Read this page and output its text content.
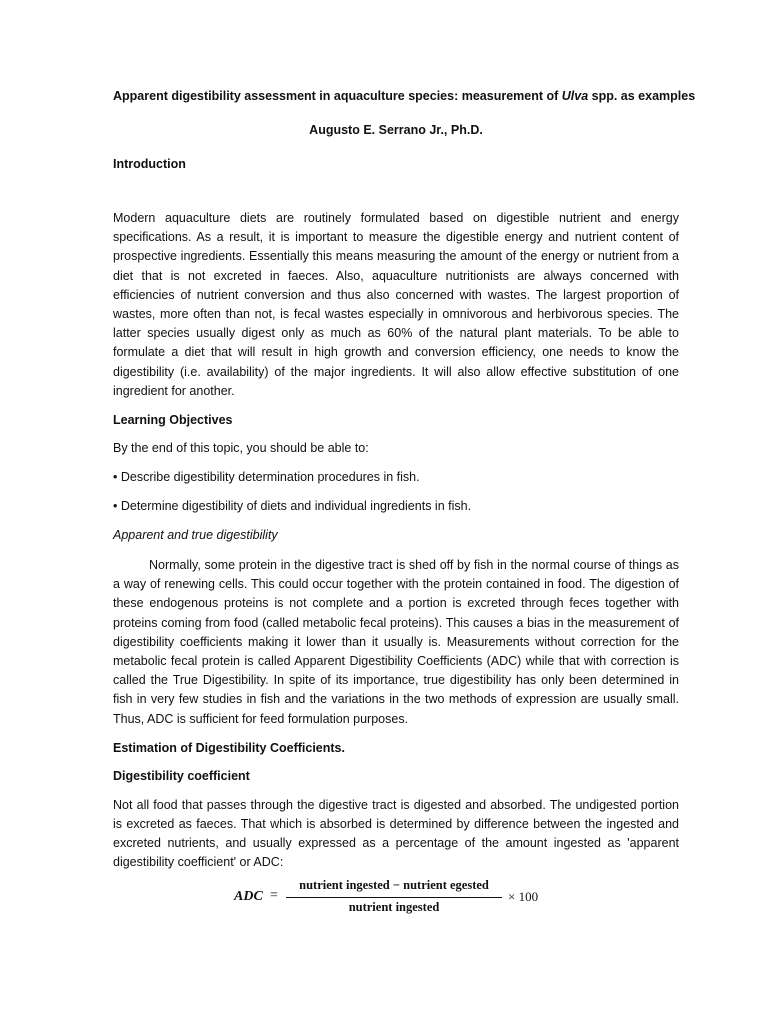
Apparent digestibility assessment in aquaculture species: measurement of Ulva spp. as examples
Augusto E. Serrano Jr., Ph.D.
Introduction

Modern aquaculture diets are routinely formulated based on digestible nutrient and energy specifications. As a result, it is important to measure the digestible energy and nutrient content of prospective ingredients. Essentially this means measuring the amount of the energy or nutrient from a diet that is not excreted in faeces. Also, aquaculture nutritionists are always concerned with efficiencies of nutrient conversion and thus also concerned with wastes. The largest proportion of wastes, more often than not, is fecal wastes especially in omnivorous and herbivorous species. The latter species usually digest only as much as 60% of the natural plant materials. To be able to formulate a diet that will result in high growth and conversion efficiency, one needs to know the digestibility (i.e. availability) of the major ingredients. It will also allow effective substitution of one ingredient for another.

Learning Objectives
By the end of this topic, you should be able to:
• Describe digestibility determination procedures in fish.
• Determine digestibility of diets and individual ingredients in fish.
Apparent and true digestibility

Normally, some protein in the digestive tract is shed off by fish in the normal course of things as a way of renewing cells. This could occur together with the protein contained in food. The digestion of these endogenous proteins is not complete and a portion is excreted through feces together with proteins coming from food (called metabolic fecal proteins). This causes a bias in the measurement of digestibility coefficients making it lower than it usually is. Measurements without correction for the metabolic fecal protein is called Apparent Digestibility Coefficients (ADC) while that with correction is called the True Digestibility. In spite of its importance, true digestibility has only been determined in fish in very few studies in fish and the variations in the two methods of expression are usually small. Thus, ADC is sufficient for feed formulation purposes.

Estimation of Digestibility Coefficients.
Digestibility coefficient

Not all food that passes through the digestive tract is digested and absorbed. The undigested portion is excreted as faeces. That which is absorbed is determined by difference between the ingested and excreted nutrients, and usually expressed as a percentage of the amount ingested as 'apparent digestibility coefficient' or ADC:

ADC =
nutrient ingested − nutrient egested
nutrient ingested
× 100
